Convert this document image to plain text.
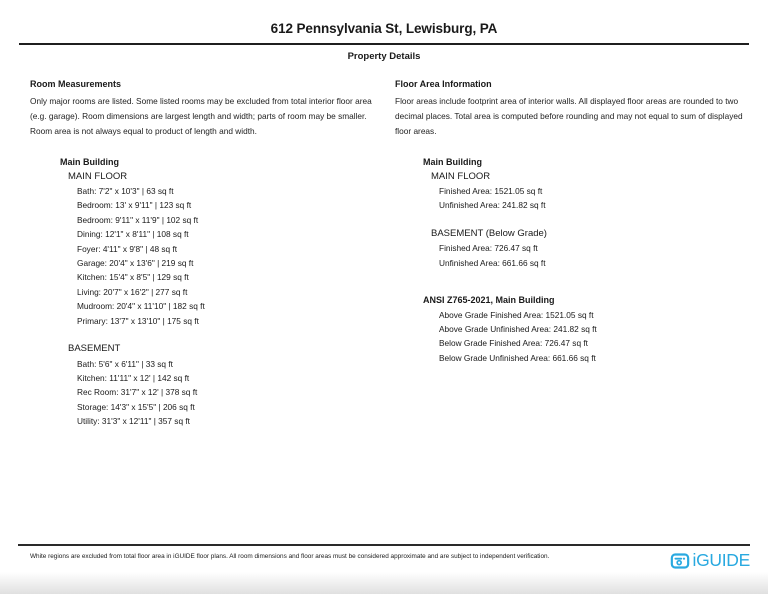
612 Pennsylvania St, Lewisburg, PA
Property Details
Room Measurements
Only major rooms are listed. Some listed rooms may be excluded from total interior floor area (e.g. garage). Room dimensions are largest length and width; parts of room may be smaller. Room area is not always equal to product of length and width.
Main Building
MAIN FLOOR
Bath: 7'2" x 10'3" | 63 sq ft
Bedroom: 13' x 9'11" | 123 sq ft
Bedroom: 9'11" x 11'9" | 102 sq ft
Dining: 12'1" x 8'11" | 108 sq ft
Foyer: 4'11" x 9'8" | 48 sq ft
Garage: 20'4" x 13'6" | 219 sq ft
Kitchen: 15'4" x 8'5" | 129 sq ft
Living: 20'7" x 16'2" | 277 sq ft
Mudroom: 20'4" x 11'10" | 182 sq ft
Primary: 13'7" x 13'10" | 175 sq ft
BASEMENT
Bath: 5'6" x 6'11" | 33 sq ft
Kitchen: 11'11" x 12' | 142 sq ft
Rec Room: 31'7" x 12' | 378 sq ft
Storage: 14'3" x 15'5" | 206 sq ft
Utility: 31'3" x 12'11" | 357 sq ft
Floor Area Information
Floor areas include footprint area of interior walls. All displayed floor areas are rounded to two decimal places. Total area is computed before rounding and may not equal to sum of displayed floor areas.
Main Building
MAIN FLOOR
Finished Area: 1521.05 sq ft
Unfinished Area: 241.82 sq ft
BASEMENT (Below Grade)
Finished Area: 726.47 sq ft
Unfinished Area: 661.66 sq ft
ANSI Z765-2021, Main Building
Above Grade Finished Area: 1521.05 sq ft
Above Grade Unfinished Area: 241.82 sq ft
Below Grade Finished Area: 726.47 sq ft
Below Grade Unfinished Area: 661.66 sq ft
White regions are excluded from total floor area in iGUIDE floor plans. All room dimensions and floor areas must be considered approximate and are subject to independent verification.	iGUIDE
